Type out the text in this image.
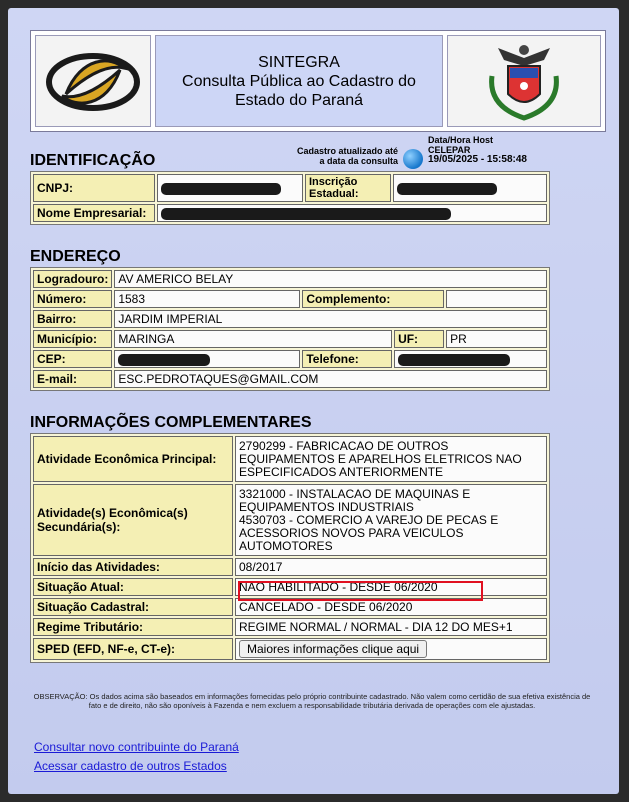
SINTEGRA
Consulta Pública ao Cadastro do
Estado do Paraná
IDENTIFICAÇÃO
Cadastro atualizado até
a data da consulta
Data/Hora Host
CELEPAR
19/05/2025 - 15:58:48
CNPJ:		Inscrição Estadual:	
Nome Empresarial:			
ENDEREÇO
Logradouro:	AV AMERICO BELAY			
Número:	1583	Complemento:		
Bairro:	JARDIM IMPERIAL			
Município:	MARINGA		UF:	PR
CEP:		Telefone:		
E-mail:	ESC.PEDROTAQUES@GMAIL.COM			
INFORMAÇÕES COMPLEMENTARES
Atividade Econômica Principal:	2790299 - FABRICACAO DE OUTROS EQUIPAMENTOS E APARELHOS ELETRICOS NAO ESPECIFICADOS ANTERIORMENTE
Atividade(s) Econômica(s) Secundária(s):	3321000 - INSTALACAO DE MAQUINAS E EQUIPAMENTOS INDUSTRIAIS
4530703 - COMERCIO A VAREJO DE PECAS E ACESSORIOS NOVOS PARA VEICULOS AUTOMOTORES

Início das Atividades:	08/2017
Situação Atual:	NAO HABILITADO - DESDE 06/2020
Situação Cadastral:	CANCELADO - DESDE 06/2020
Regime Tributário:	REGIME NORMAL / NORMAL - DIA 12 DO MES+1
SPED (EFD, NF-e, CT-e):	Maiores informações clique aqui
OBSERVAÇÃO: Os dados acima são baseados em informações fornecidas pelo próprio contribuinte cadastrado. Não valem como certidão de sua efetiva existência de fato e de direito, não são oponíveis à Fazenda e nem excluem a responsabilidade tributária derivada de operações com ele ajustadas.
Consultar novo contribuinte do Paraná
Acessar cadastro de outros Estados
